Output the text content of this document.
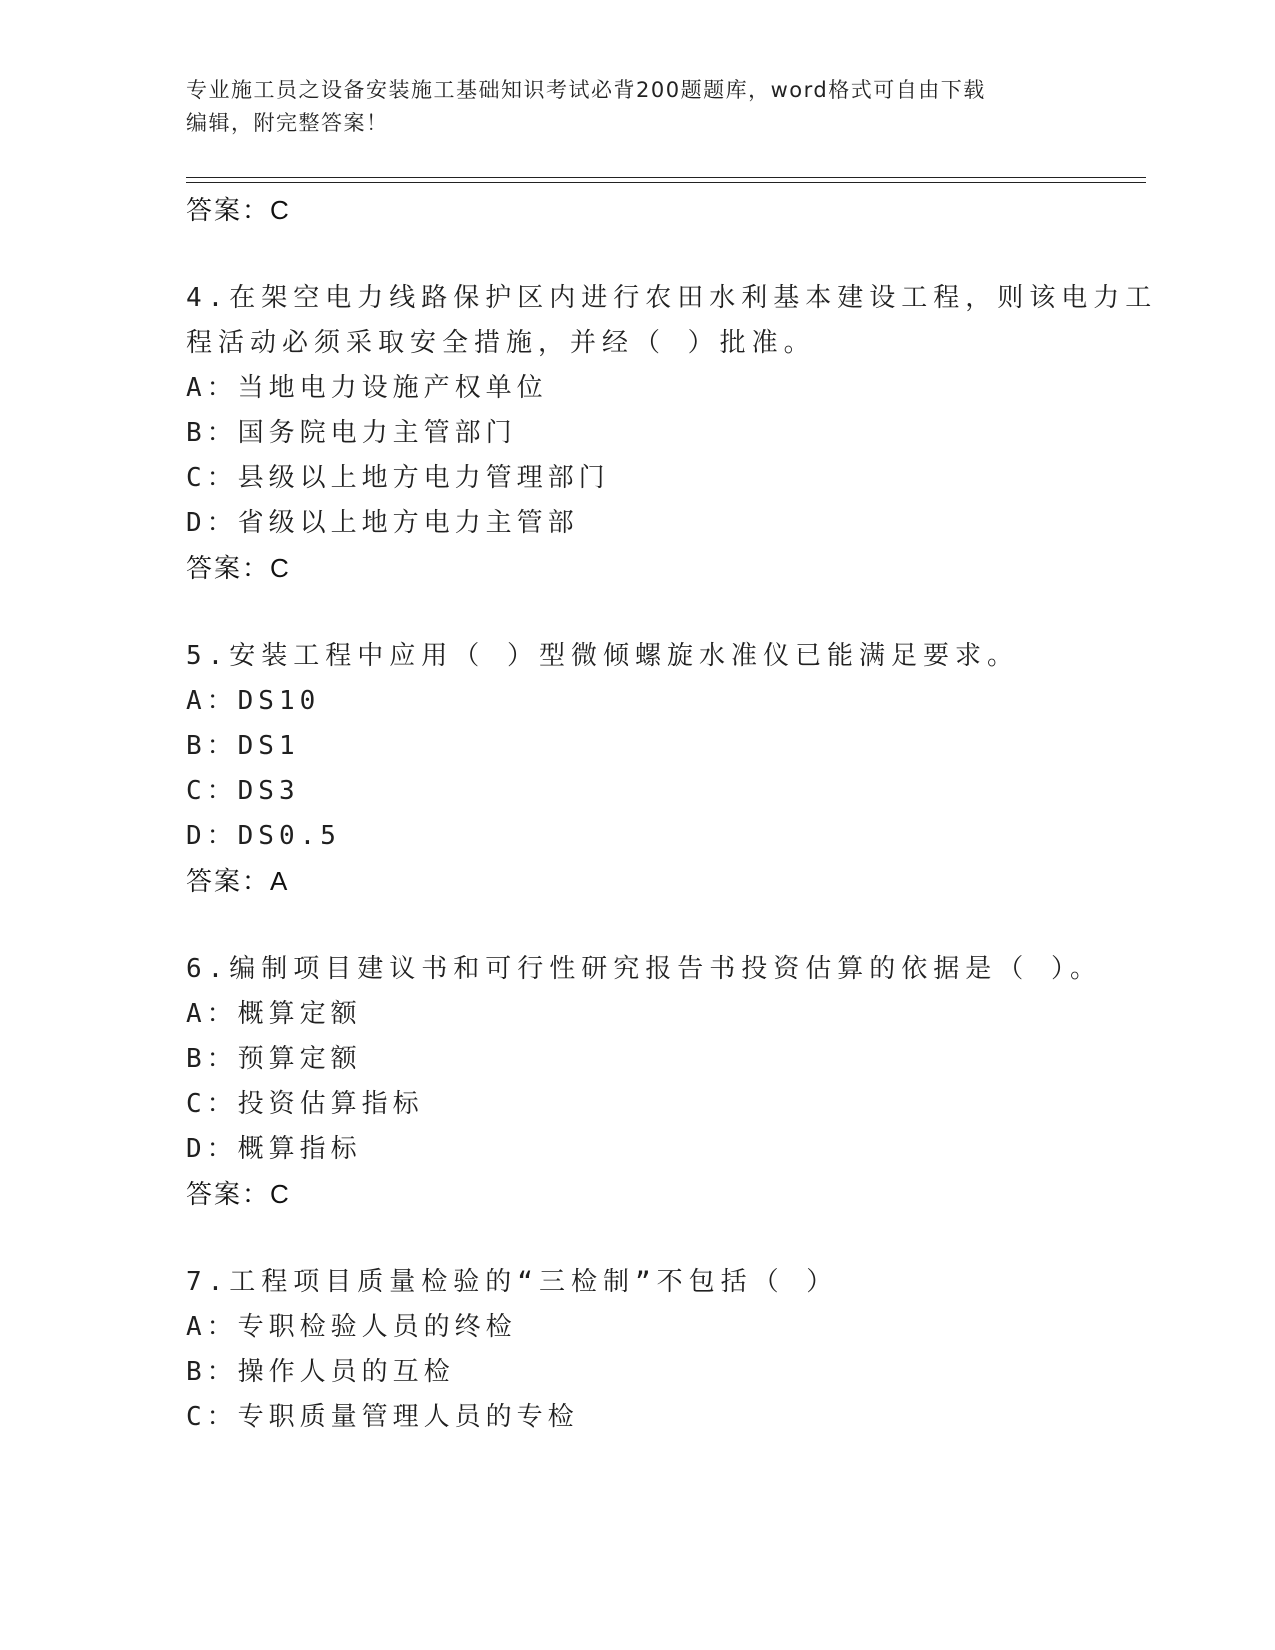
专业施工员之设备安装施工基础知识考试必背200题题库，word格式可自由下载
编辑，附完整答案！
答案：C
4.在架空电力线路保护区内进行农田水利基本建设工程，则该电力工
程活动必须采取安全措施，并经（ ）批准。
A：当地电力设施产权单位
B：国务院电力主管部门
C：县级以上地方电力管理部门
D：省级以上地方电力主管部
答案：C
5.安装工程中应用（ ）型微倾螺旋水准仪已能满足要求。
A：DS10
B：DS1
C：DS3
D：DS0.5
答案：A
6.编制项目建议书和可行性研究报告书投资估算的依据是（ ）。
A：概算定额
B：预算定额
C：投资估算指标
D：概算指标
答案：C
7.工程项目质量检验的“三检制”不包括（ ）
A：专职检验人员的终检
B：操作人员的互检
C：专职质量管理人员的专检
